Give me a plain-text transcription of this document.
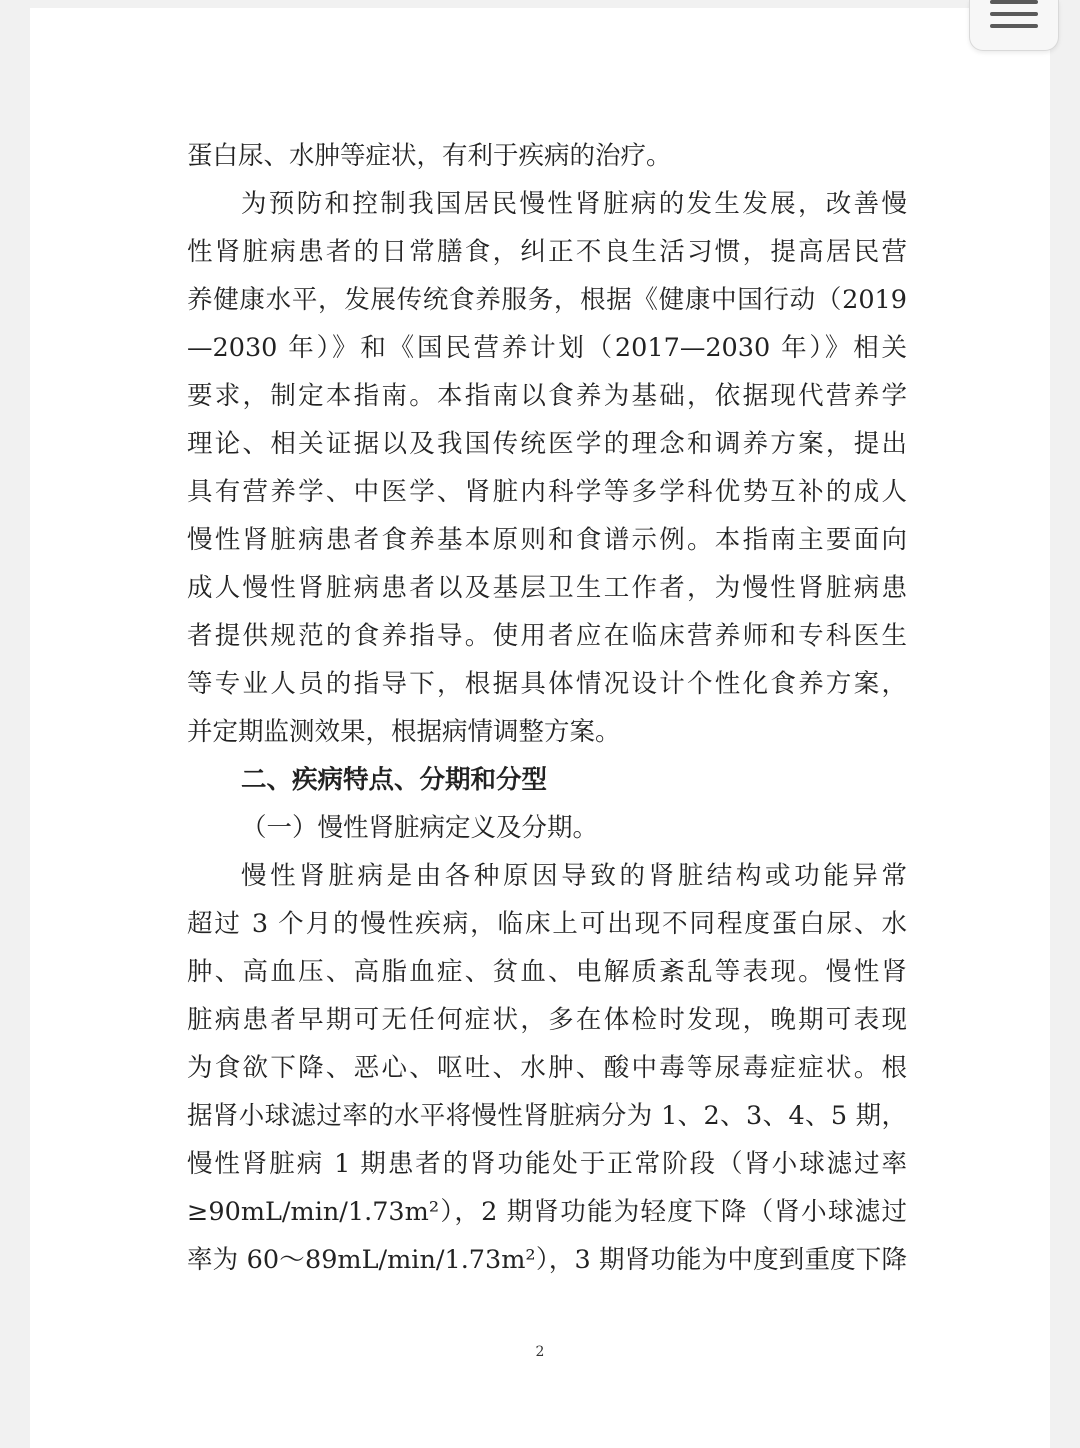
蛋白尿、水肿等症状，有利于疾病的治疗。
为预防和控制我国居民慢性肾脏病的发生发展，改善慢
性肾脏病患者的日常膳食，纠正不良生活习惯，提高居民营
养健康水平，发展传统食养服务，根据《健康中国行动（2019
—2030 年）》和《国民营养计划（2017—2030 年）》相关
要求，制定本指南。本指南以食养为基础，依据现代营养学
理论、相关证据以及我国传统医学的理念和调养方案，提出
具有营养学、中医学、肾脏内科学等多学科优势互补的成人
慢性肾脏病患者食养基本原则和食谱示例。本指南主要面向
成人慢性肾脏病患者以及基层卫生工作者，为慢性肾脏病患
者提供规范的食养指导。使用者应在临床营养师和专科医生
等专业人员的指导下，根据具体情况设计个性化食养方案，
并定期监测效果，根据病情调整方案。
二、疾病特点、分期和分型
（一）慢性肾脏病定义及分期。
慢性肾脏病是由各种原因导致的肾脏结构或功能异常
超过 3 个月的慢性疾病，临床上可出现不同程度蛋白尿、水
肿、高血压、高脂血症、贫血、电解质紊乱等表现。慢性肾
脏病患者早期可无任何症状，多在体检时发现，晚期可表现
为食欲下降、恶心、呕吐、水肿、酸中毒等尿毒症症状。根
据肾小球滤过率的水平将慢性肾脏病分为 1、2、3、4、5 期，
慢性肾脏病 1 期患者的肾功能处于正常阶段（肾小球滤过率
≥90mL/min/1.73m²），2 期肾功能为轻度下降（肾小球滤过
率为 60～89mL/min/1.73m²），3 期肾功能为中度到重度下降
2
